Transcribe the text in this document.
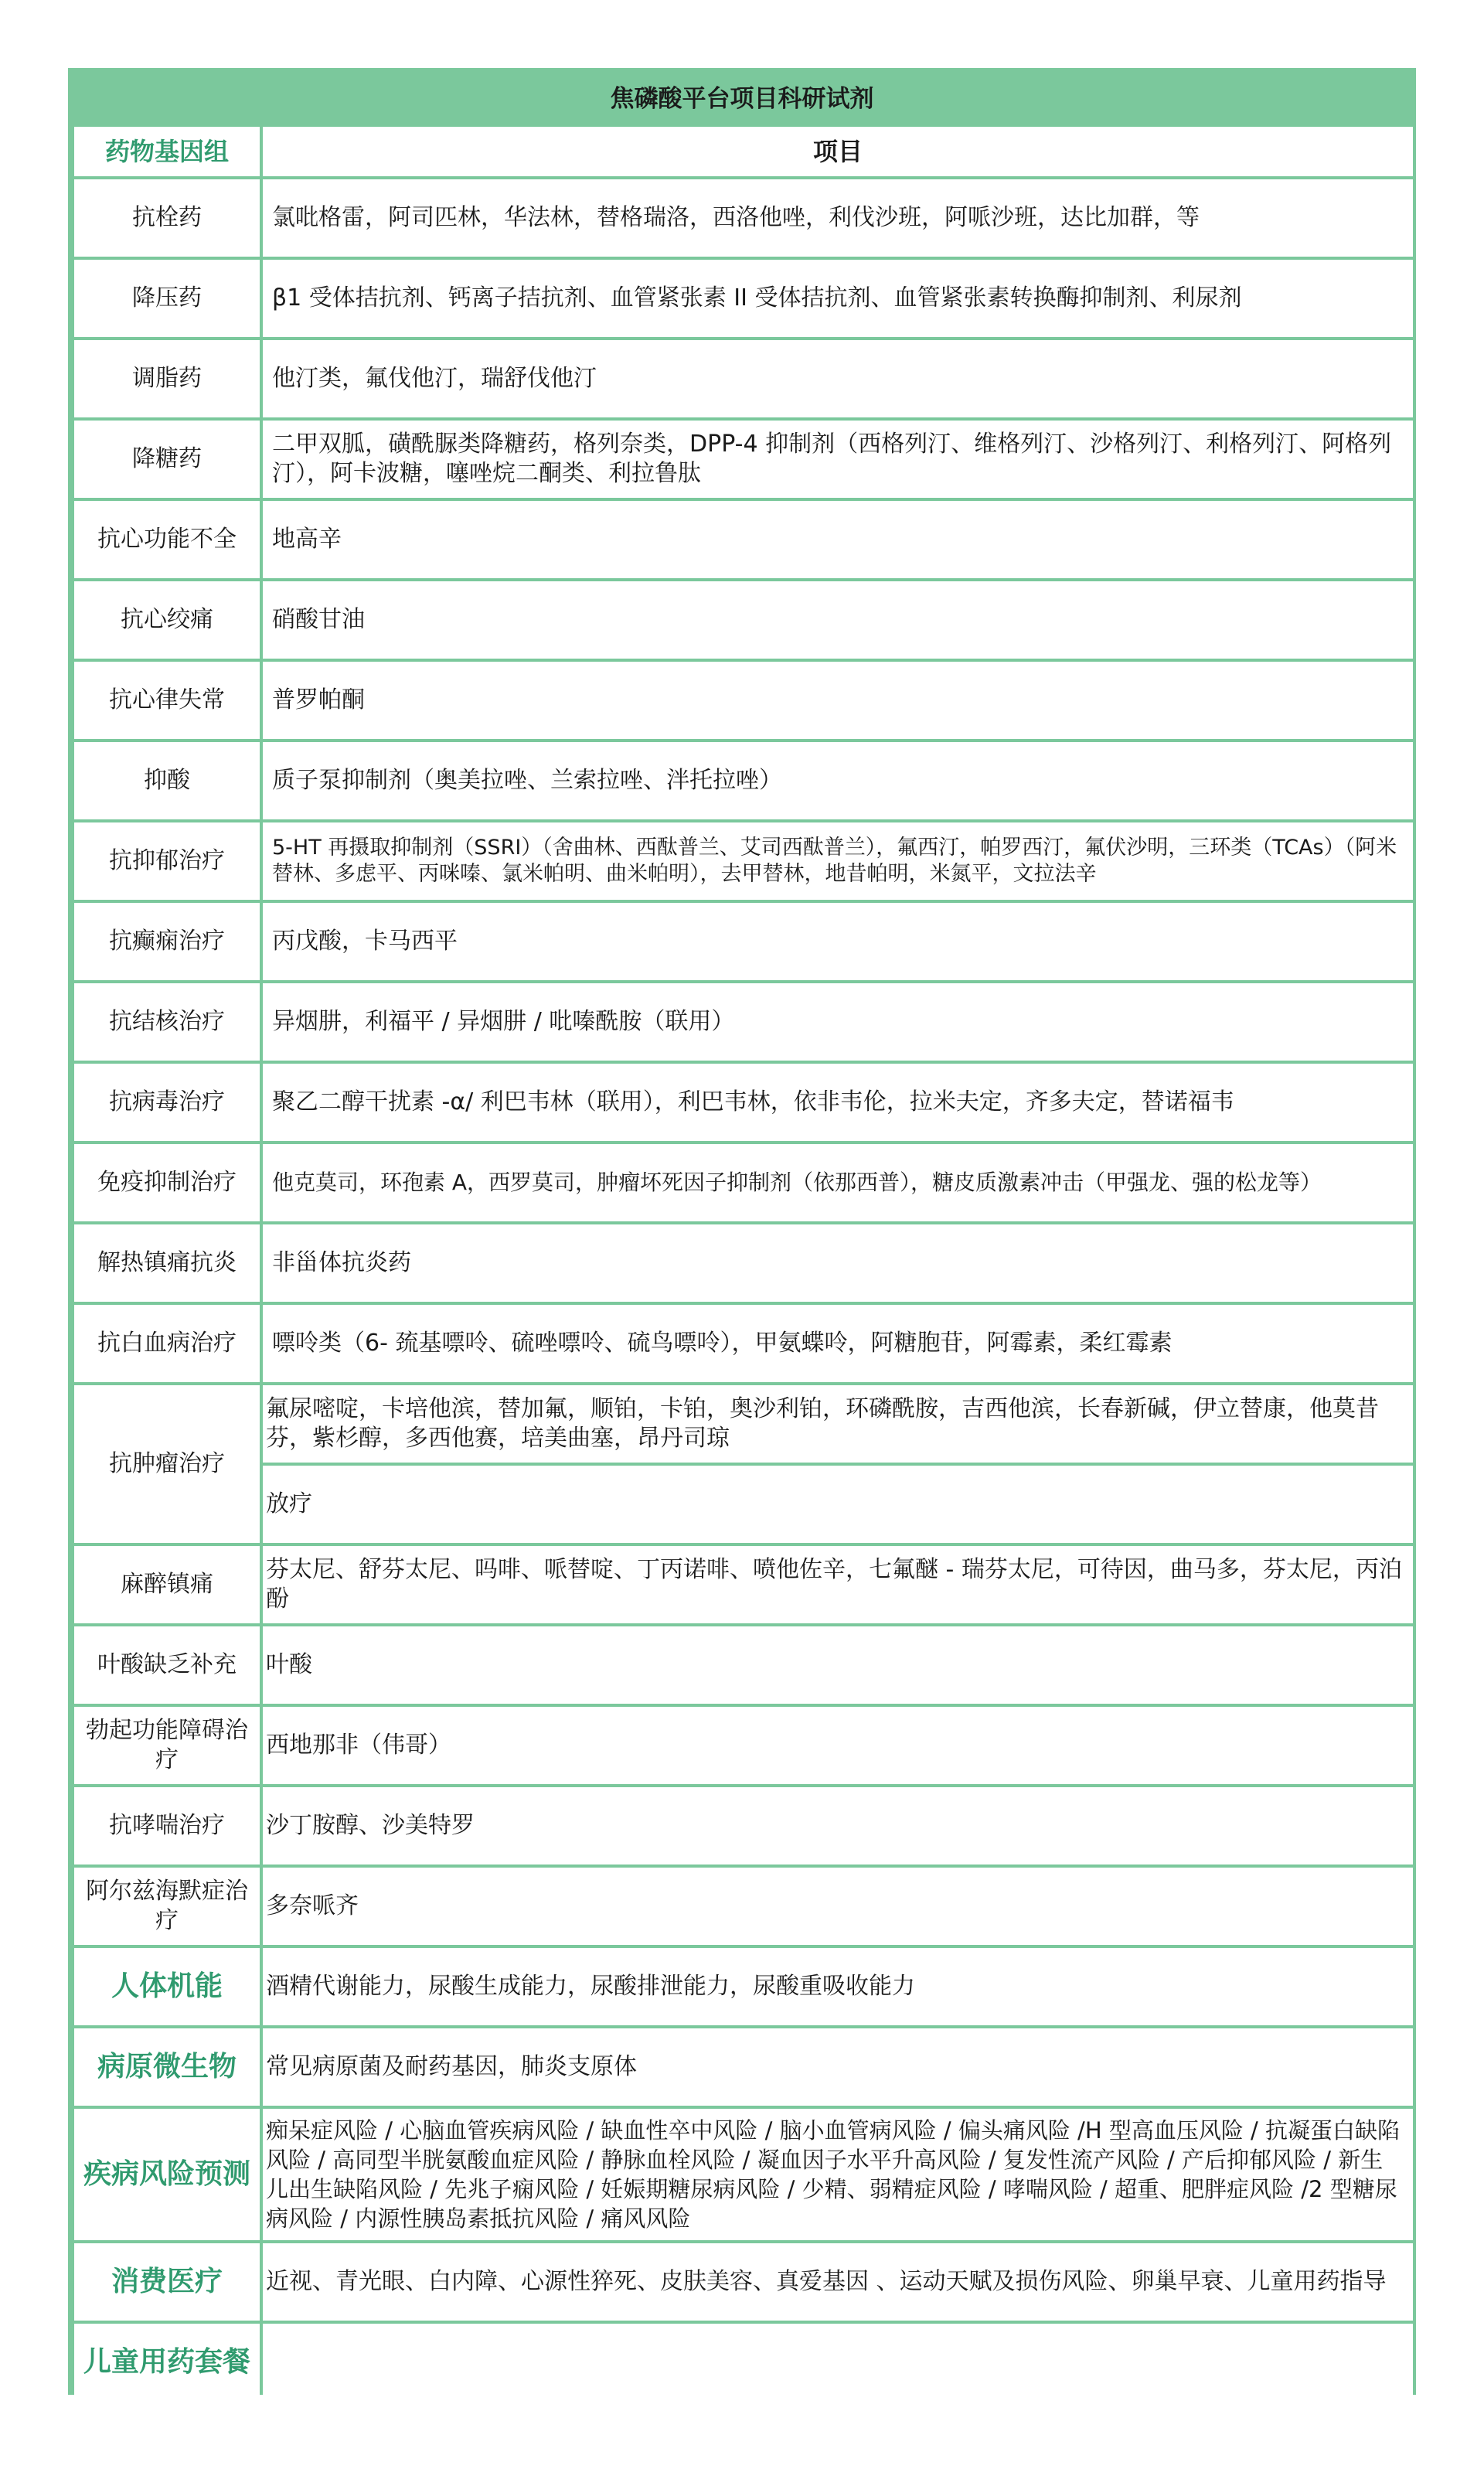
焦磷酸平台项目科研试剂
药物基因组	项目
抗栓药	氯吡格雷，阿司匹林，华法林，替格瑞洛，西洛他唑，利伐沙班，阿哌沙班，达比加群，等
降压药	β1 受体拮抗剂、钙离子拮抗剂、血管紧张素 II 受体拮抗剂、血管紧张素转换酶抑制剂、利尿剂
调脂药	他汀类，氟伐他汀，瑞舒伐他汀
降糖药	二甲双胍，磺酰脲类降糖药，格列奈类，DPP-4 抑制剂（西格列汀、维格列汀、沙格列汀、利格列汀、阿格列汀），阿卡波糖，噻唑烷二酮类、利拉鲁肽
抗心功能不全	地高辛
抗心绞痛	硝酸甘油
抗心律失常	普罗帕酮
抑酸	质子泵抑制剂（奥美拉唑、兰索拉唑、泮托拉唑）
抗抑郁治疗	5-HT 再摄取抑制剂（SSRI）（舍曲林、西酞普兰、艾司西酞普兰），氟西汀，帕罗西汀，氟伏沙明，三环类（TCAs）（阿米替林、多虑平、丙咪嗪、氯米帕明、曲米帕明），去甲替林，地昔帕明，米氮平，文拉法辛
抗癫痫治疗	丙戊酸，卡马西平
抗结核治疗	异烟肼，利福平 / 异烟肼 / 吡嗪酰胺（联用）
抗病毒治疗	聚乙二醇干扰素 -α/ 利巴韦林（联用），利巴韦林，依非韦伦，拉米夫定，齐多夫定，替诺福韦
免疫抑制治疗	他克莫司，环孢素 A，西罗莫司，肿瘤坏死因子抑制剂（依那西普），糖皮质激素冲击（甲强龙、强的松龙等）
解热镇痛抗炎	非甾体抗炎药
抗白血病治疗	嘌呤类（6- 巯基嘌呤、硫唑嘌呤、硫鸟嘌呤），甲氨蝶呤，阿糖胞苷，阿霉素，柔红霉素
抗肿瘤治疗	氟尿嘧啶，卡培他滨，替加氟，顺铂，卡铂，奥沙利铂，环磷酰胺，吉西他滨，长春新碱，伊立替康，他莫昔芬，紫杉醇，多西他赛，培美曲塞，昂丹司琼
	放疗
麻醉镇痛	芬太尼、舒芬太尼、吗啡、哌替啶、丁丙诺啡、喷他佐辛，七氟醚 - 瑞芬太尼，可待因，曲马多，芬太尼，丙泊酚
叶酸缺乏补充	叶酸
勃起功能障碍治疗	西地那非（伟哥）
抗哮喘治疗	沙丁胺醇、沙美特罗
阿尔兹海默症治疗	多奈哌齐
人体机能	酒精代谢能力，尿酸生成能力，尿酸排泄能力，尿酸重吸收能力
病原微生物	常见病原菌及耐药基因，肺炎支原体
疾病风险预测	痴呆症风险 / 心脑血管疾病风险 / 缺血性卒中风险 / 脑小血管病风险 / 偏头痛风险 /H 型高血压风险 / 抗凝蛋白缺陷风险 / 高同型半胱氨酸血症风险 / 静脉血栓风险 / 凝血因子水平升高风险 / 复发性流产风险 / 产后抑郁风险 / 新生儿出生缺陷风险 / 先兆子痫风险 / 妊娠期糖尿病风险 / 少精、弱精症风险 / 哮喘风险 / 超重、肥胖症风险 /2 型糖尿病风险 / 内源性胰岛素抵抗风险 / 痛风风险
消费医疗	近视、青光眼、白内障、心源性猝死、皮肤美容、真爱基因 、运动天赋及损伤风险、卵巢早衰、儿童用药指导
儿童用药套餐	
